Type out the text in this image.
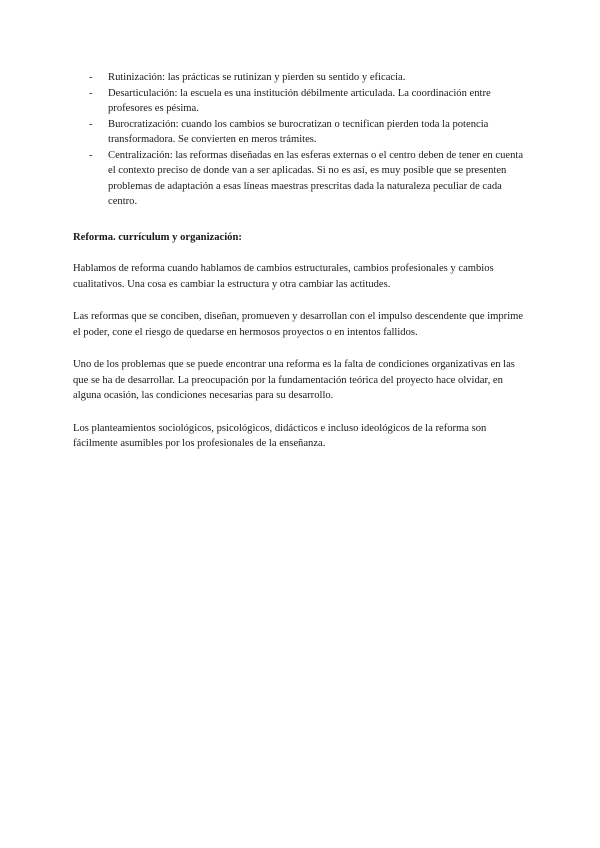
- Rutinización: las prácticas se rutinizan y pierden su sentido y eficacia.
- Desarticulación: la escuela es una institución débilmente articulada. La coordinación entre profesores es pésima.
- Burocratización: cuando los cambios se burocratizan o tecnifican pierden toda la potencia transformadora. Se convierten en meros trámites.
- Centralización: las reformas diseñadas en las esferas externas o el centro deben de tener en cuenta el contexto preciso de donde van a ser aplicadas. Si no es así, es muy posible que se presenten problemas de adaptación a esas líneas maestras prescritas dada la naturaleza peculiar de cada centro.
Reforma. currículum y organización:

Hablamos de reforma cuando hablamos de cambios estructurales, cambios profesionales y cambios cualitativos. Una cosa es cambiar la estructura y otra cambiar las actitudes.

Las reformas que se conciben, diseñan, promueven y desarrollan con el impulso descendente que imprime el poder, cone el riesgo de quedarse en hermosos proyectos o en intentos fallidos.

Uno de los problemas que se puede encontrar una reforma es la falta de condiciones organizativas en las que se ha de desarrollar. La preocupación por la fundamentación teórica del proyecto hace olvidar, en alguna ocasión, las condiciones necesarias para su desarrollo.

Los planteamientos sociológicos, psicológicos, didácticos e incluso ideológicos de la reforma son fácilmente asumibles por los profesionales de la enseñanza.
